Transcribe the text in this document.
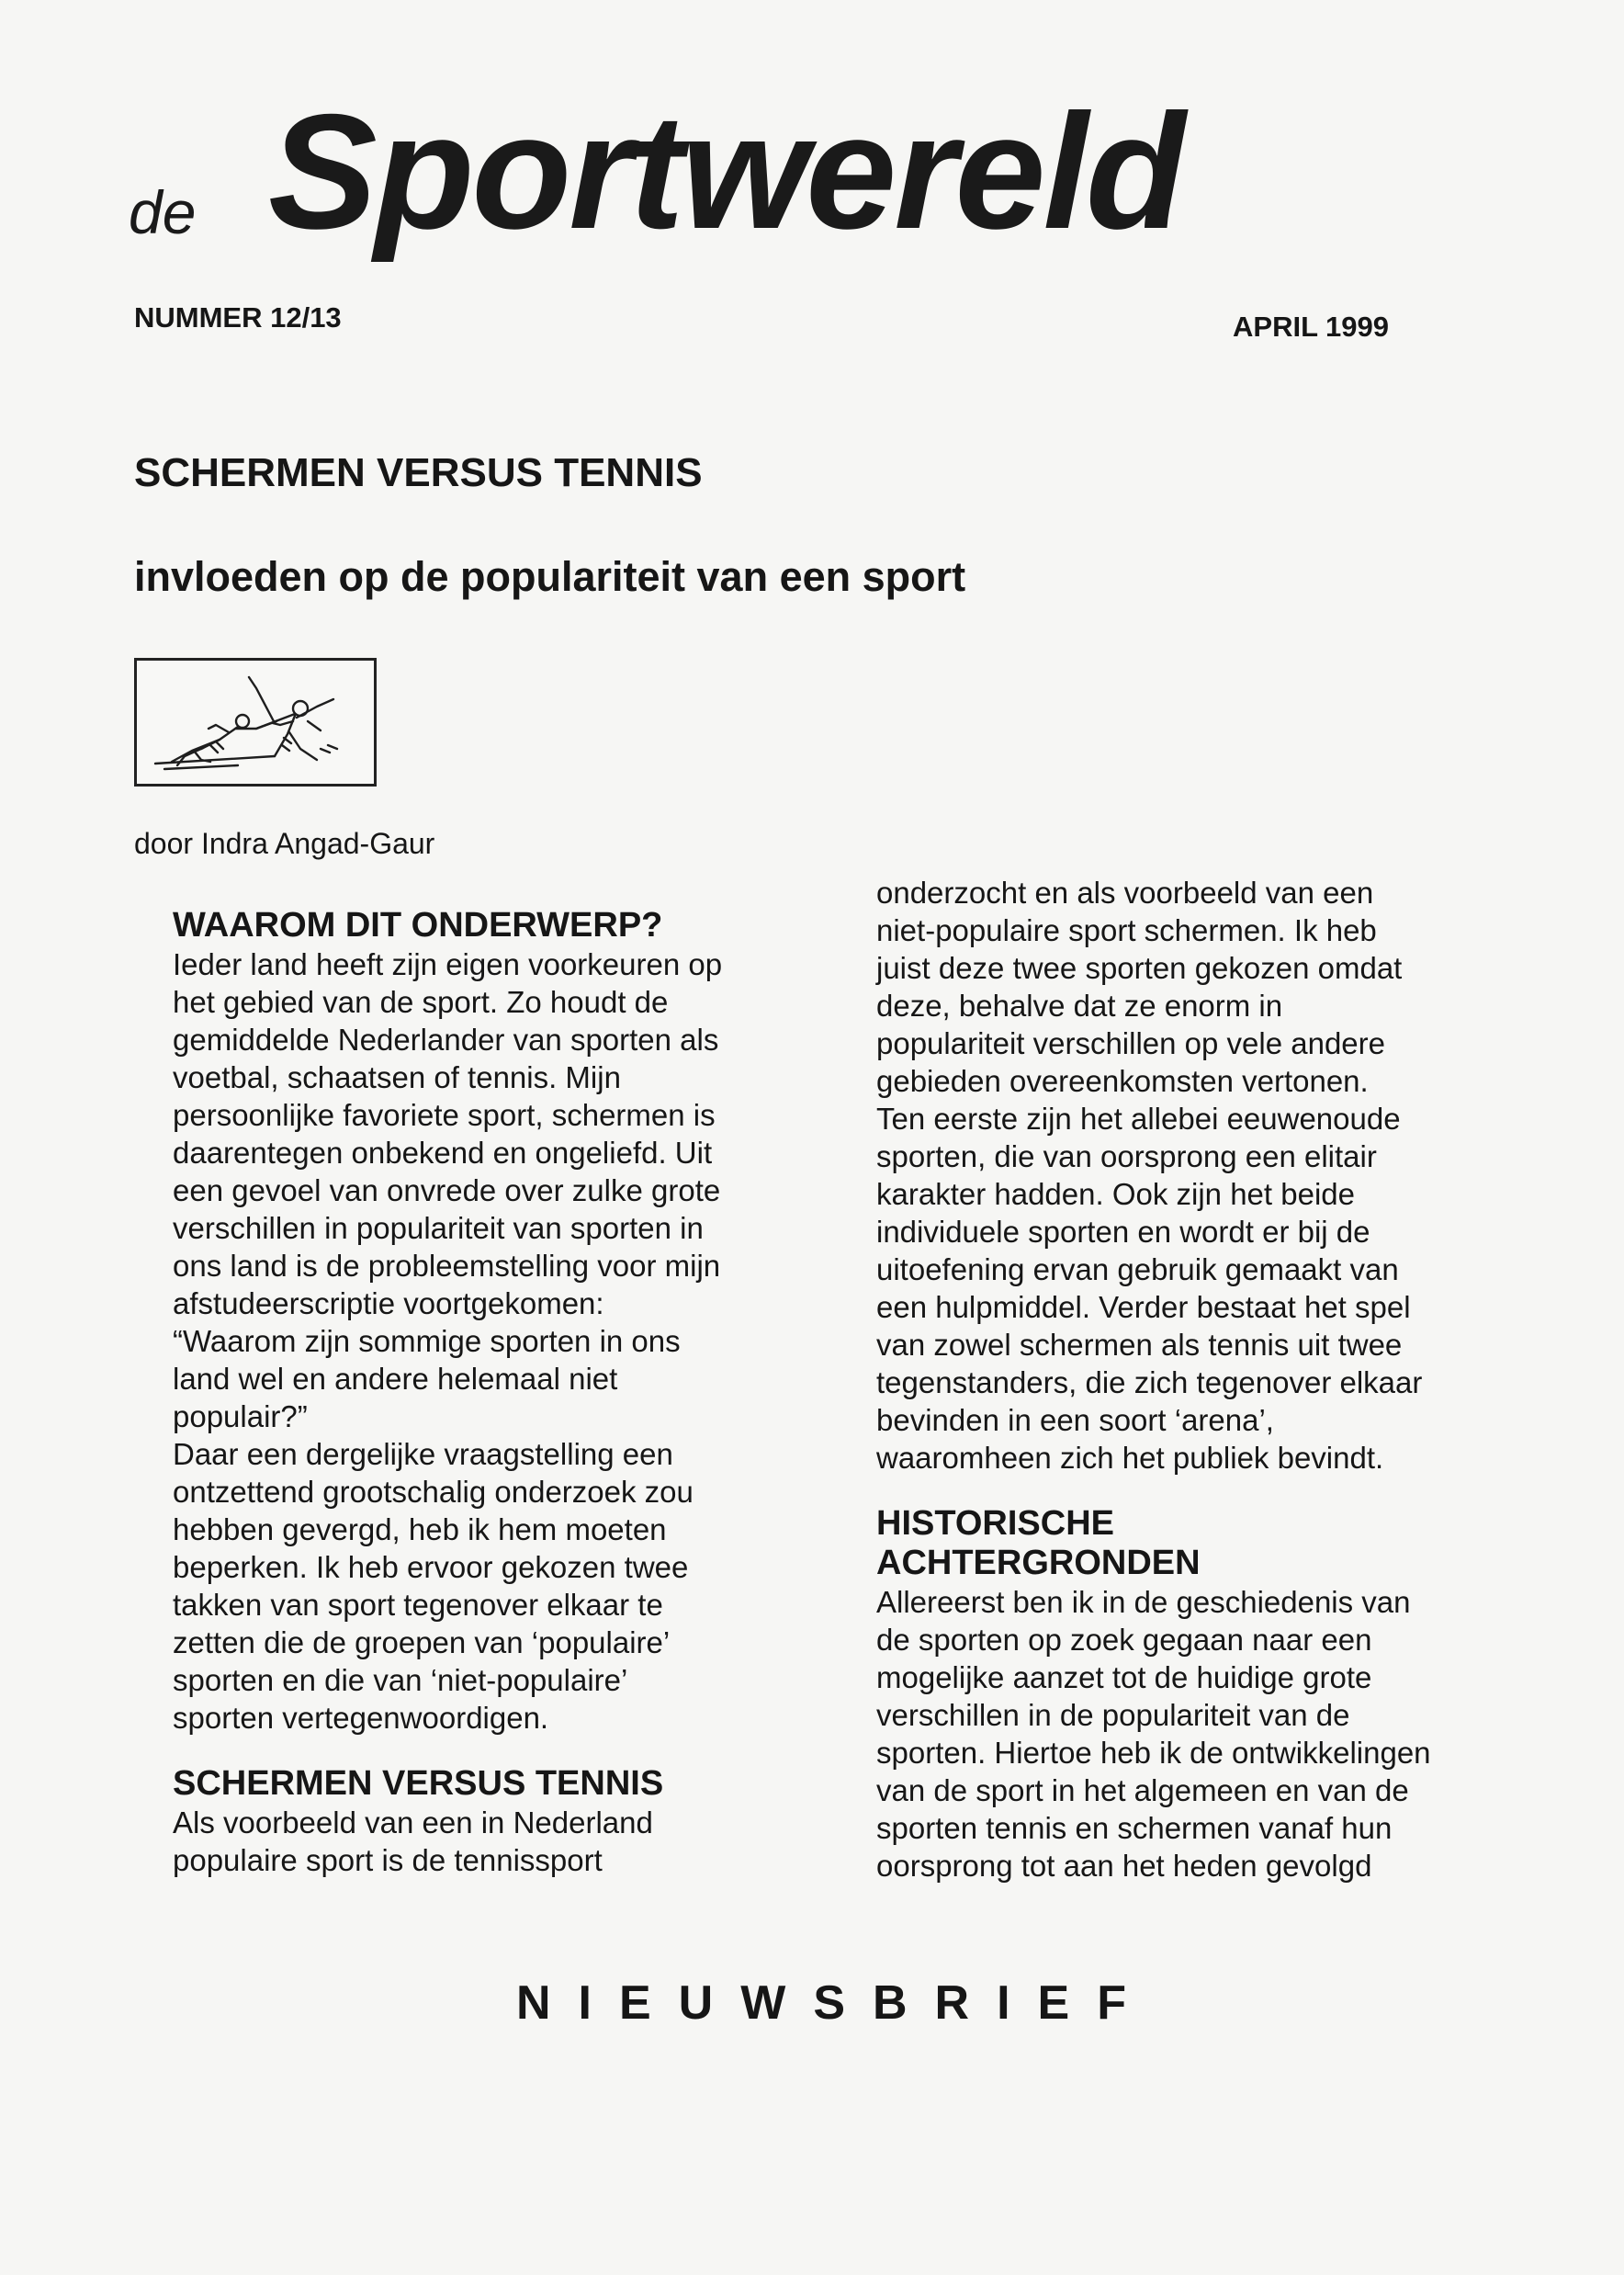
de Sportwereld
NUMMER 12/13	APRIL 1999
SCHERMEN VERSUS TENNIS
invloeden op de populariteit van een sport
door Indra Angad-Gaur
WAAROM DIT ONDERWERP?

Ieder land heeft zijn eigen voorkeuren op
het gebied van de sport. Zo houdt de
gemiddelde Nederlander van sporten als
voetbal, schaatsen of tennis. Mijn
persoonlijke favoriete sport, schermen is
daarentegen onbekend en ongeliefd. Uit
een gevoel van onvrede over zulke grote
verschillen in populariteit van sporten in
ons land is de probleemstelling voor mijn
afstudeerscriptie voortgekomen:
“Waarom zijn sommige sporten in ons
land wel en andere helemaal niet
populair?”
Daar een dergelijke vraagstelling een
ontzettend grootschalig onderzoek zou
hebben gevergd, heb ik hem moeten
beperken. Ik heb ervoor gekozen twee
takken van sport tegenover elkaar te
zetten die de groepen van ‘populaire’
sporten en die van ‘niet-populaire’
sporten vertegenwoordigen.

SCHERMEN VERSUS TENNIS

Als voorbeeld van een in Nederland
populaire sport is de tennissport

onderzocht en als voorbeeld van een
niet-populaire sport schermen. Ik heb
juist deze twee sporten gekozen omdat
deze, behalve dat ze enorm in
populariteit verschillen op vele andere
gebieden overeenkomsten vertonen.
Ten eerste zijn het allebei eeuwenoude
sporten, die van oorsprong een elitair
karakter hadden. Ook zijn het beide
individuele sporten en wordt er bij de
uitoefening ervan gebruik gemaakt van
een hulpmiddel. Verder bestaat het spel
van zowel schermen als tennis uit twee
tegenstanders, die zich tegenover elkaar
bevinden in een soort ‘arena’,
waaromheen zich het publiek bevindt.

HISTORISCHE
ACHTERGRONDEN

Allereerst ben ik in de geschiedenis van
de sporten op zoek gegaan naar een
mogelijke aanzet tot de huidige grote
verschillen in de populariteit van de
sporten. Hiertoe heb ik de ontwikkelingen
van de sport in het algemeen en van de
sporten tennis en schermen vanaf hun
oorsprong tot aan het heden gevolgd

NIEUWSBRIEF
